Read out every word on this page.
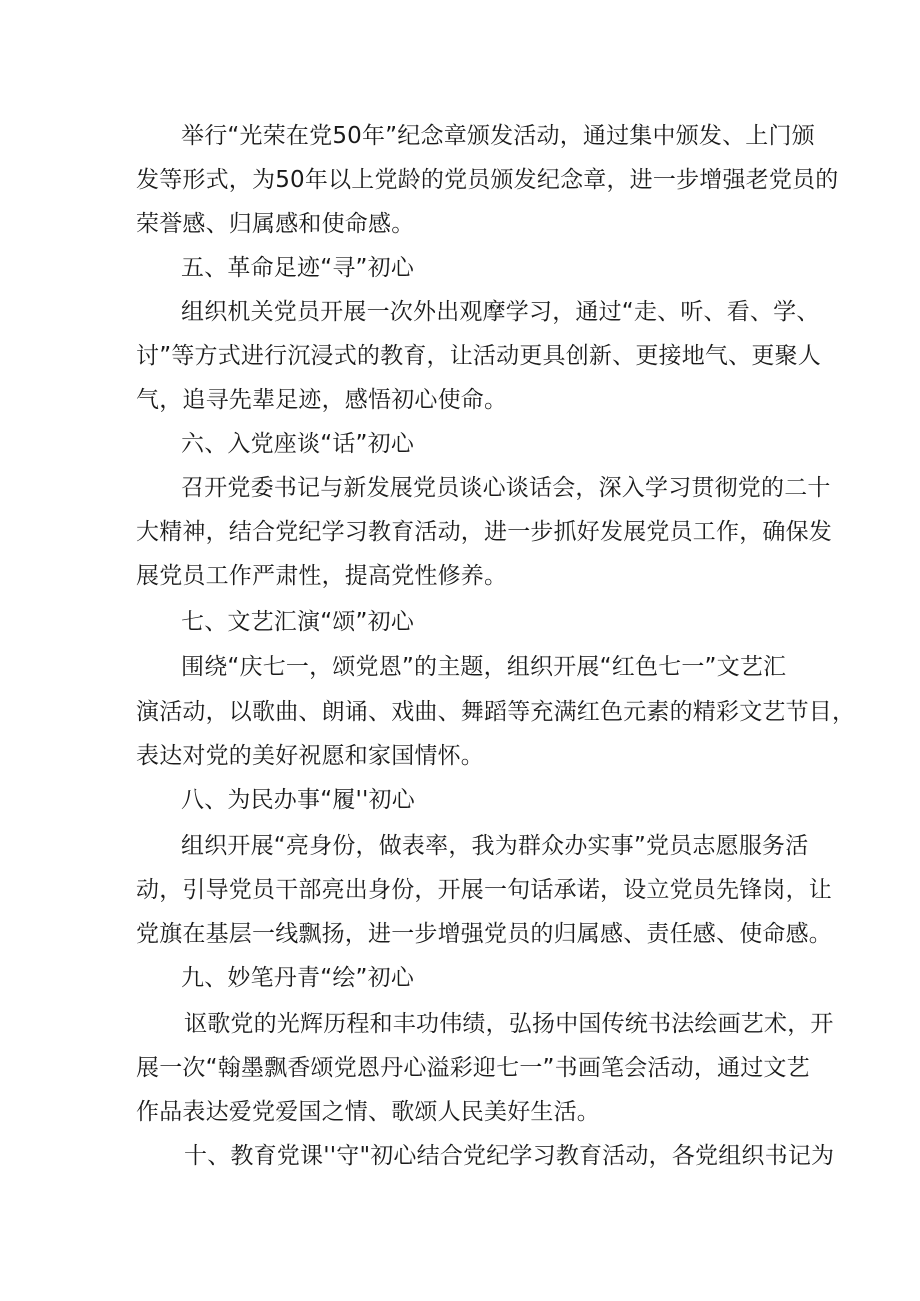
举行“光荣在党50年”纪念章颁发活动，通过集中颁发、上门颁
发等形式，为50年以上党龄的党员颁发纪念章，进一步增强老党员的
荣誉感、归属感和使命感。
五、革命足迹“寻”初心
组织机关党员开展一次外出观摩学习，通过“走、听、看、学、
讨”等方式进行沉浸式的教育，让活动更具创新、更接地气、更聚人
气，追寻先辈足迹，感悟初心使命。
六、入党座谈“话”初心
召开党委书记与新发展党员谈心谈话会，深入学习贯彻党的二十
大精神，结合党纪学习教育活动，进一步抓好发展党员工作，确保发
展党员工作严肃性，提高党性修养。
七、文艺汇演“颂”初心
围绕“庆七一，颂党恩”的主题，组织开展“红色七一”文艺汇
演活动，以歌曲、朗诵、戏曲、舞蹈等充满红色元素的精彩文艺节目，
表达对党的美好祝愿和家国情怀。
八、为民办事“履''初心
组织开展“亮身份，做表率，我为群众办实事”党员志愿服务活
动，引导党员干部亮出身份，开展一句话承诺，设立党员先锋岗，让
党旗在基层一线飘扬，进一步增强党员的归属感、责任感、使命感。
九、妙笔丹青“绘”初心
讴歌党的光辉历程和丰功伟绩，弘扬中国传统书法绘画艺术，开
展一次“翰墨飘香颂党恩丹心溢彩迎七一”书画笔会活动，通过文艺
作品表达爱党爱国之情、歌颂人民美好生活。
十、教育党课''守"初心结合党纪学习教育活动，各党组织书记为
